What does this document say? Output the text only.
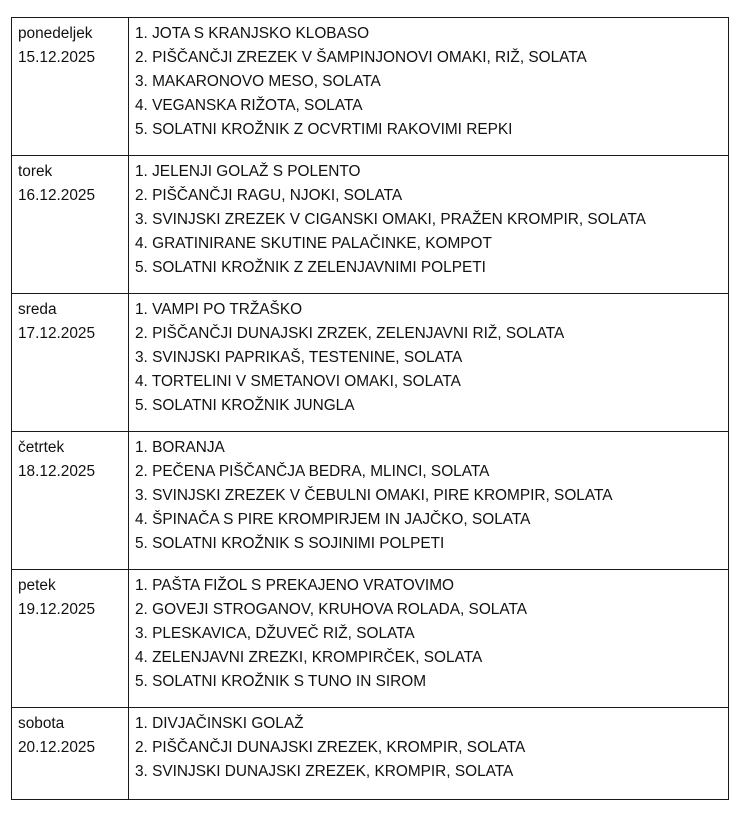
ponedeljek
15.12.2025	1. JOTA S KRANJSKO KLOBASO
2. PIŠČANČJI ZREZEK V ŠAMPINJONOVI OMAKI, RIŽ, SOLATA
3. MAKARONOVO MESO, SOLATA
4. VEGANSKA RIŽOTA, SOLATA
5. SOLATNI KROŽNIK Z OCVRTIMI RAKOVIMI REPKI

torek
16.12.2025	1. JELENJI GOLAŽ S POLENTO
2. PIŠČANČJI RAGU, NJOKI, SOLATA
3. SVINJSKI ZREZEK V CIGANSKI OMAKI, PRAŽEN KROMPIR, SOLATA
4. GRATINIRANE SKUTINE PALAČINKE, KOMPOT
5. SOLATNI KROŽNIK Z ZELENJAVNIMI POLPETI

sreda
17.12.2025	1. VAMPI PO TRŽAŠKO
2. PIŠČANČJI DUNAJSKI ZRZEK, ZELENJAVNI RIŽ, SOLATA
3. SVINJSKI PAPRIKAŠ, TESTENINE, SOLATA
4. TORTELINI V SMETANOVI OMAKI, SOLATA
5. SOLATNI KROŽNIK JUNGLA

četrtek
18.12.2025	1. BORANJA
2. PEČENA PIŠČANČJA BEDRA, MLINCI, SOLATA
3. SVINJSKI ZREZEK V ČEBULNI OMAKI, PIRE KROMPIR, SOLATA
4. ŠPINAČA S PIRE KROMPIRJEM IN JAJČKO, SOLATA
5. SOLATNI KROŽNIK S SOJINIMI POLPETI

petek
19.12.2025	1. PAŠTA FIŽOL S PREKAJENO VRATOVIMO
2. GOVEJI STROGANOV, KRUHOVA ROLADA, SOLATA
3. PLESKAVICA, DŽUVEČ RIŽ, SOLATA
4. ZELENJAVNI ZREZKI, KROMPIRČEK, SOLATA
5. SOLATNI KROŽNIK S TUNO IN SIROM

sobota
20.12.2025	1. DIVJAČINSKI GOLAŽ
2. PIŠČANČJI DUNAJSKI ZREZEK, KROMPIR, SOLATA
3. SVINJSKI DUNAJSKI ZREZEK, KROMPIR, SOLATA
